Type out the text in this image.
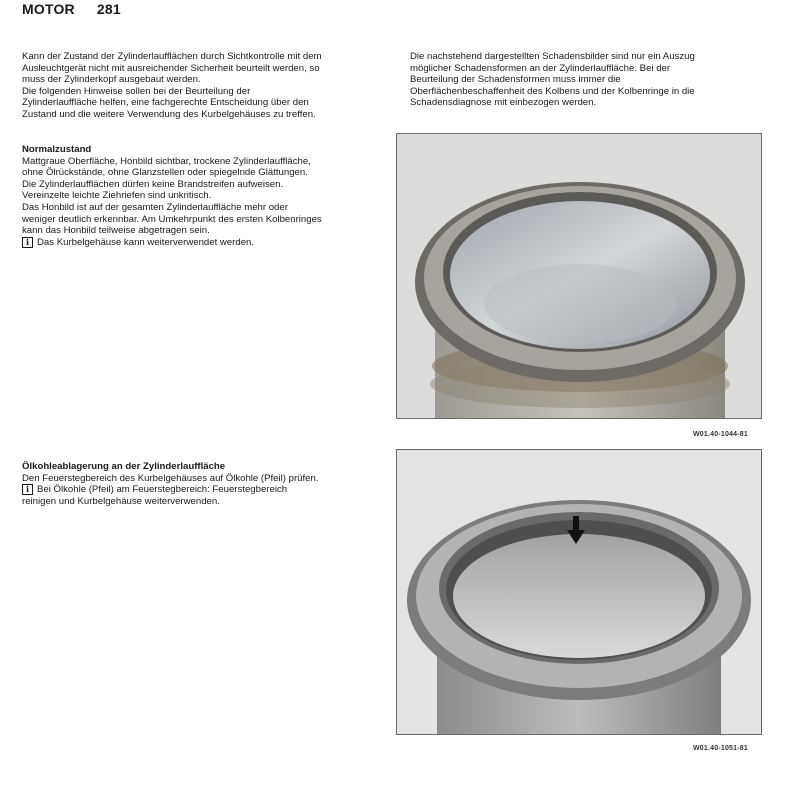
MOTOR 281

Kann der Zustand der Zylinderlaufflächen durch Sichtkontrolle mit dem

Ausleuchtgerät nicht mit ausreichender Sicherheit beurteilt werden, so

muss der Zylinderkopf ausgebaut werden.

Die folgenden Hinweise sollen bei der Beurteilung der

Zylinderlauffläche helfen, eine fachgerechte Entscheidung über den

Zustand und die weitere Verwendung des Kurbelgehäuses zu treffen.

Die nachstehend dargestellten Schadensbilder sind nur ein Auszug

möglicher Schadensformen an der Zylinderlauffläche. Bei der

Beurteilung der Schadensformen muss immer die

Oberflächenbeschaffenheit des Kolbens und der Kolbenringe in die

Schadensdiagnose mit einbezogen werden.

Normalzustand

Mattgraue Oberfläche, Honbild sichtbar, trockene Zylinderlauffläche,

ohne Ölrückstände, ohne Glanzstellen oder spiegelnde Glättungen.

Die Zylinderlaufflächen dürfen keine Brandstreifen aufweisen.

Vereinzelte leichte Ziehriefen sind unkritisch.

Das Honbild ist auf der gesamten Zylinderlauffläche mehr oder

weniger deutlich erkennbar. Am Umkehrpunkt des ersten Kolbenringes

kann das Honbild teilweise abgetragen sein.

i Das Kurbelgehäuse kann weiterverwendet werden.
W01.40-1044-81

Ölkohleablagerung an der Zylinderlauffläche

Den Feuerstegbereich des Kurbelgehäuses auf Ölkohle (Pfeil) prüfen.

i Bei Ölkohle (Pfeil) am Feuerstegbereich: Feuerstegbereich

reinigen und Kurbelgehäuse weiterverwenden.

W01.40-1051-81
